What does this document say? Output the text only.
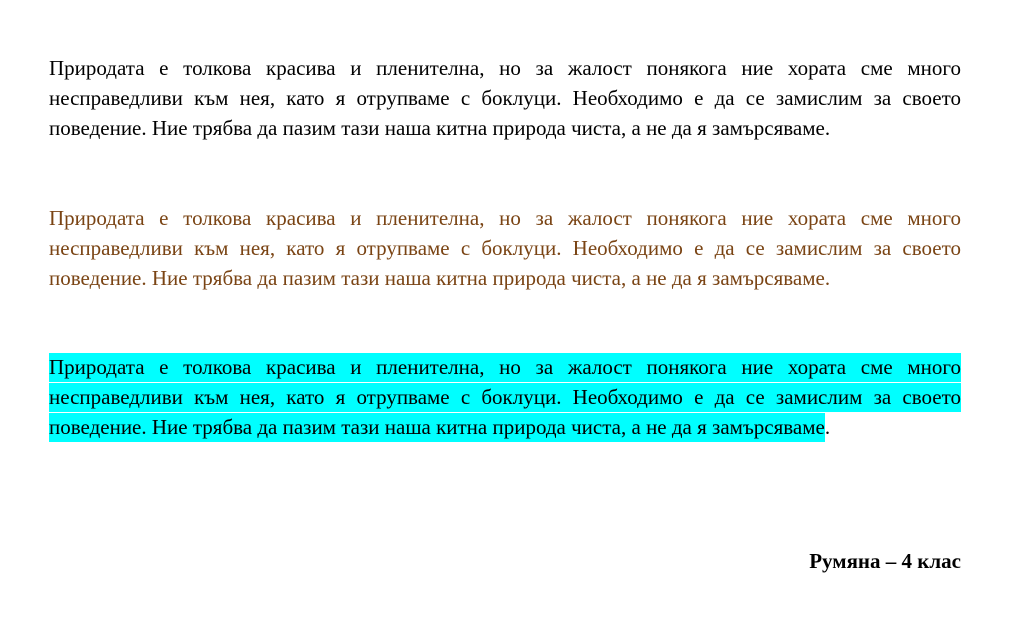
Природата е толкова красива и пленителна, но за жалост понякога ние хората сме много несправедливи към нея, като я отрупваме с боклуци. Необходимо е да се замислим за своето поведение. Ние трябва да пазим тази наша китна природа чиста, а не да я замърсяваме.

Природата е толкова красива и пленителна, но за жалост понякога ние хората сме много несправедливи към нея, като я отрупваме с боклуци. Необходимо е да се замислим за своето поведение. Ние трябва да пазим тази наша китна природа чиста, а не да я замърсяваме.

Природата е толкова красива и пленителна, но за жалост понякога ние хората сме много несправедливи към нея, като я отрупваме с боклуци. Необходимо е да се замислим за своето поведение. Ние трябва да пазим тази наша китна природа чиста, а не да я замърсяваме.

Румяна – 4 клас
